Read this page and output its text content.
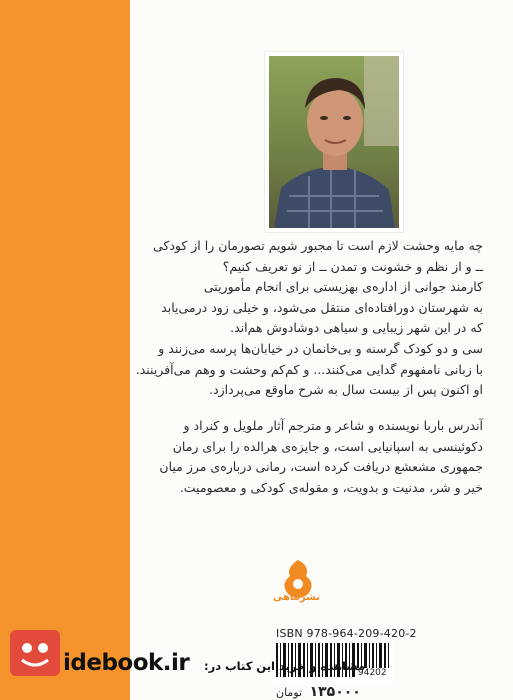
چه مایه وحشت لازم است تا مجبور شویم تصورمان را از کودکی
ــ و از نظم و خشونت و تمدن ــ از نو تعریف کنیم؟
کارمند جوانی از اداره‌ی بهزیستی برای انجام مأموریتی
به شهرستان دورافتاده‌ای منتقل می‌شود، و خیلی زود درمی‌یابد
که در این شهر زیبایی و سیاهی دوشادوش هم‌اند.
سی و دو کودک گرسنه و بی‌خانمان در خیابان‌ها پرسه می‌زنند و
با زبانی نامفهوم گدایی می‌کنند... و کم‌کم وحشت و وهم می‌آفرینند.
او اکنون پس از بیست سال به شرح ماوقع می‌پردازد.
آندرس باربا نویسنده و شاعر و مترجم آثار ملویل و کنراد و
دکوئینسی به اسپانیایی است، و جایزه‌ی هرالده را برای رمان
جمهوری مشعشع دریافت کرده است، رمانی درباره‌ی مرز میان
خیر و شر، مدنیت و بدویت، و مقوله‌ی کودکی و معصومیت.
نشرماهی
ISBN 978-964-209-420-2
94202
۱۳۵۰۰۰ تومان
idebook.ir مشاهده و خرید این کتاب در:
